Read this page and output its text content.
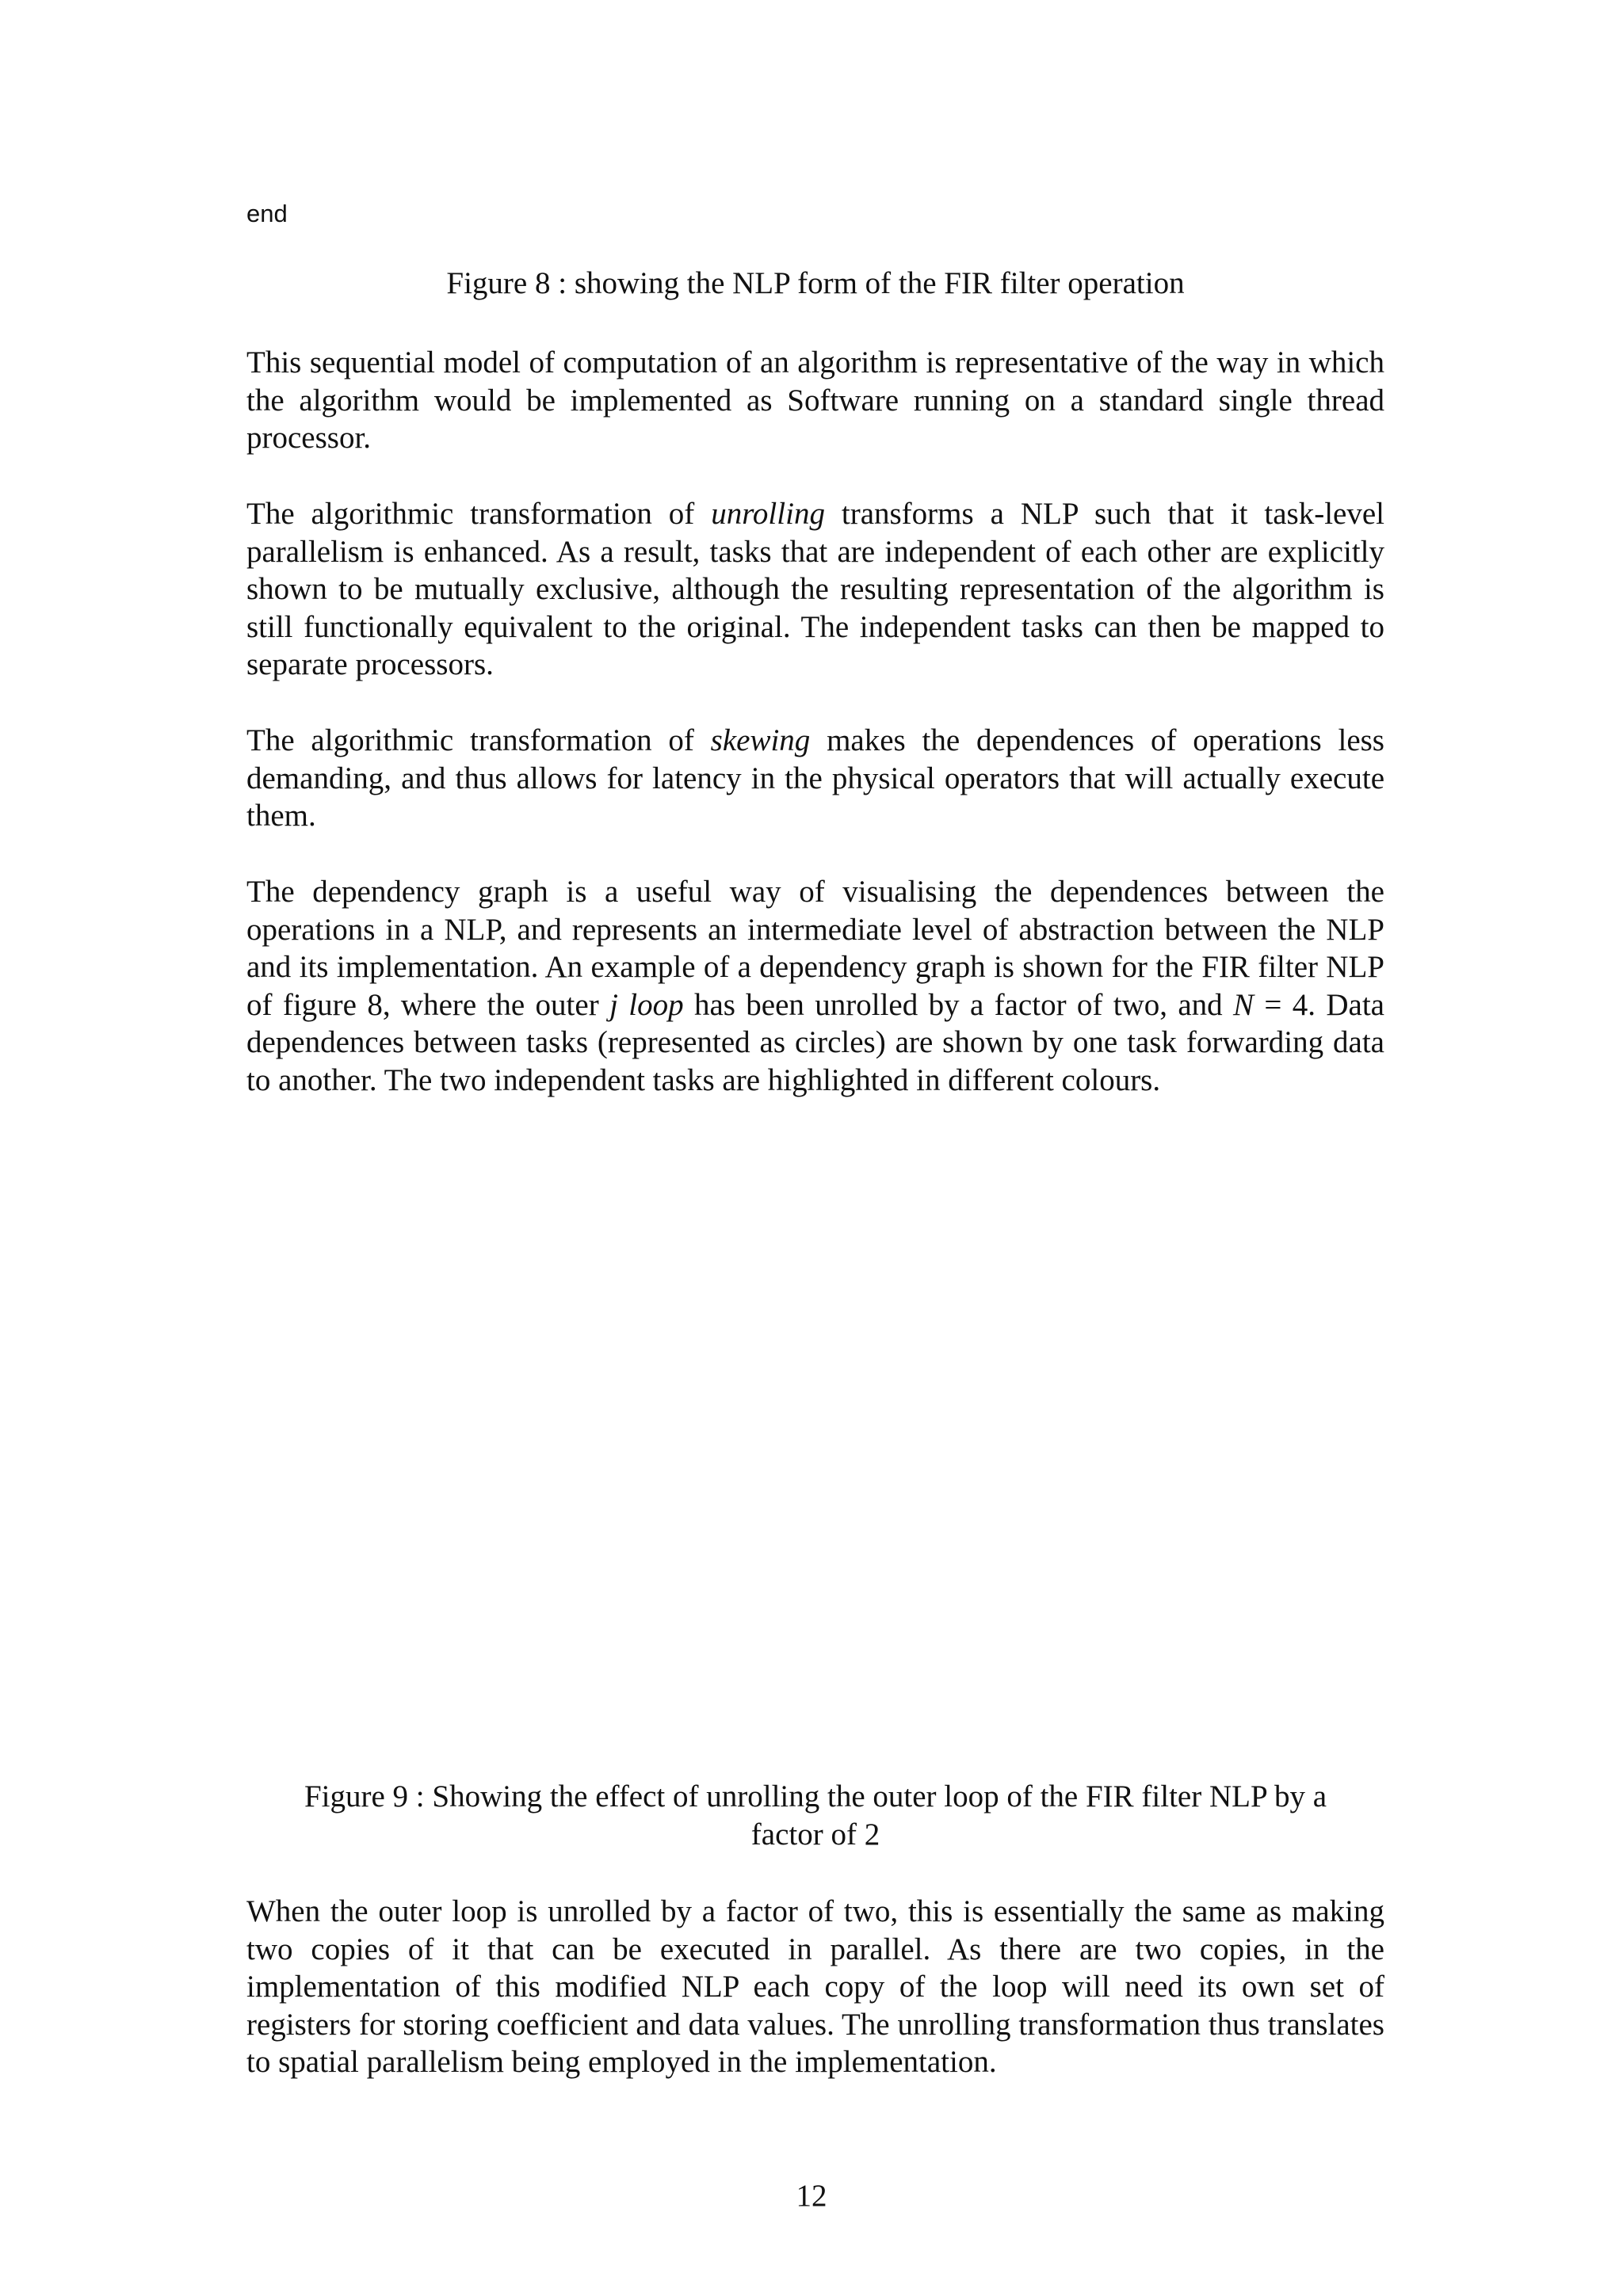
end
Figure 8 : showing the NLP form of the FIR filter operation

This sequential model of computation of an algorithm is representative of the way in which the algorithm would be implemented as Software running on a standard single thread processor.

The algorithmic transformation of unrolling transforms a NLP such that it task-level parallelism is enhanced. As a result, tasks that are independent of each other are explicitly shown to be mutually exclusive, although the resulting representation of the algorithm is still functionally equivalent to the original. The independent tasks can then be mapped to separate processors.

The algorithmic transformation of skewing makes the dependences of operations less demanding, and thus allows for latency in the physical operators that will actually execute them.

The dependency graph is a useful way of visualising the dependences between the operations in a NLP, and represents an intermediate level of abstraction between the NLP and its implementation. An example of a dependency graph is shown for the FIR filter NLP of figure 8, where the outer j loop has been unrolled by a factor of two, and N = 4. Data dependences between tasks (represented as circles) are shown by one task forwarding data to another. The two independent tasks are highlighted in different colours.

Figure 9 : Showing the effect of unrolling the outer loop of the FIR filter NLP by a
factor of 2

When the outer loop is unrolled by a factor of two, this is essentially the same as making two copies of it that can be executed in parallel. As there are two copies, in the implementation of this modified NLP each copy of the loop will need its own set of registers for storing coefficient and data values. The unrolling transformation thus translates to spatial parallelism being employed in the implementation.

12
